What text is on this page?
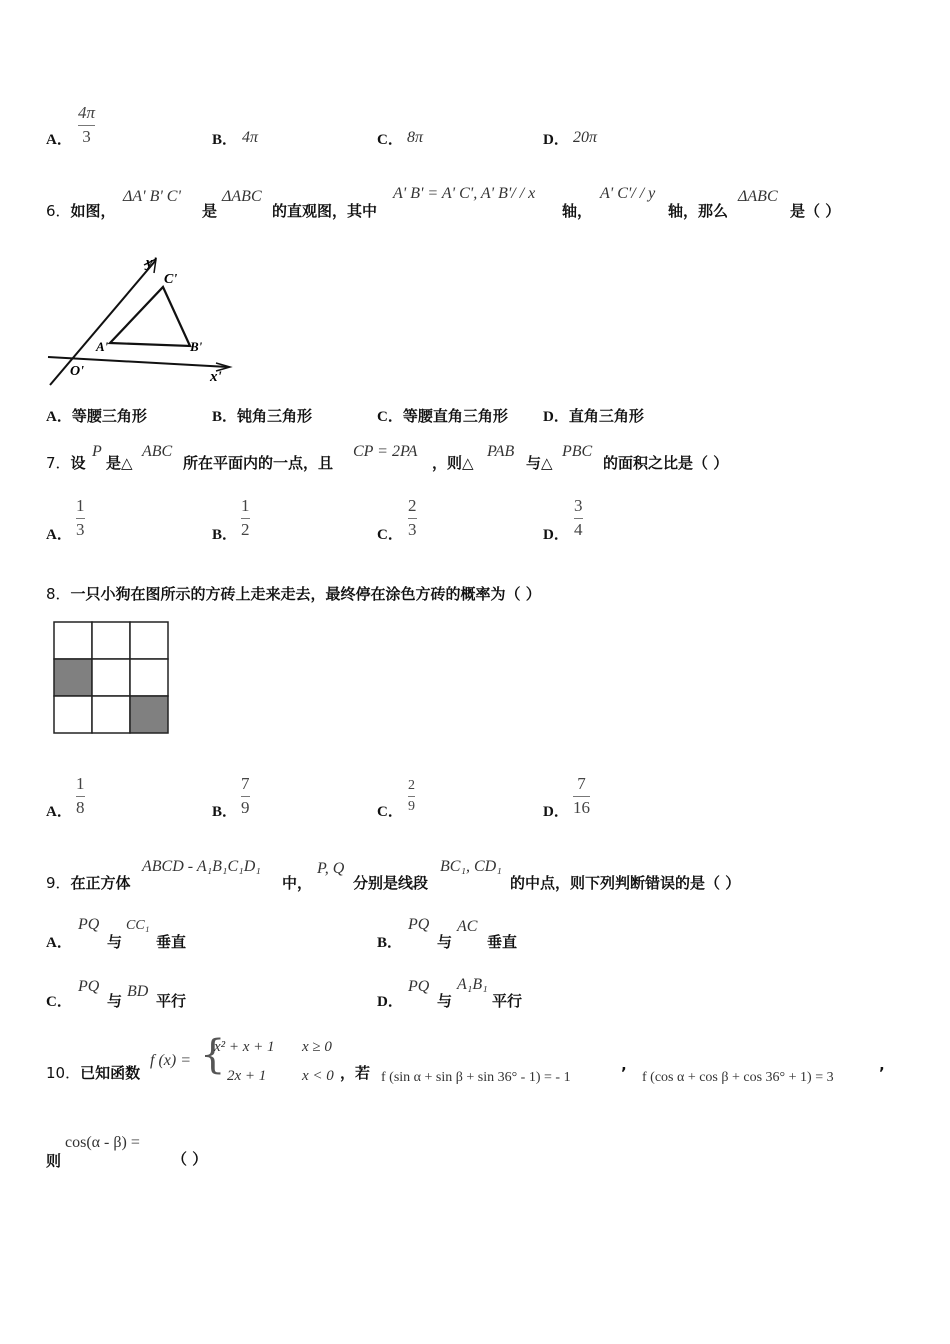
A．
4π
3	B． 4π	C． 8π	D． 20π
6．如图，
ΔA' B' C'
是
ΔABC
的直观图，其中
A' B' = A' C', A' B'/ / x
轴，
A' C'/ / y
轴，那么
ΔABC
是（ ）
y'
C'
A'	B'
O'	x'
A．等腰三角形	B．钝角三角形	C．等腰直角三角形 D．直角三角形
7．设
P
是△
ABC
所在平面内的一点，且
CP = 2PA
，则△
PAB
与△
PBC
的面积之比是（ ）
A．
1
3	B．
1
2	C．
2
3	D．
3
4
8．一只小狗在图所示的方砖上走来走去，最终停在涂色方砖的概率为（ ）
A．
1
8	B．
7
9	C．
2
9	D．
7
16
9．在正方体
ABCD - A₁B₁C₁D₁
中，
P, Q
分别是线段
BC₁, CD₁
的中点，则下列判断错误的是（ ）
A．
PQ
与
CC₁
垂直	B．
PQ
与
AC
垂直
C．
PQ
与
BD
平行	D．
PQ
与
A₁B₁
平行
10．已知函数
f (x) = {
x² + x + 1 x ≥ 0
2x + 1 x < 0 ，若 f (sin α + sin β + sin 36° - 1) = - 1	’ f (cos α + cos β + cos 36° + 1) = 3	’
则
cos(α - β) =
（ ）
